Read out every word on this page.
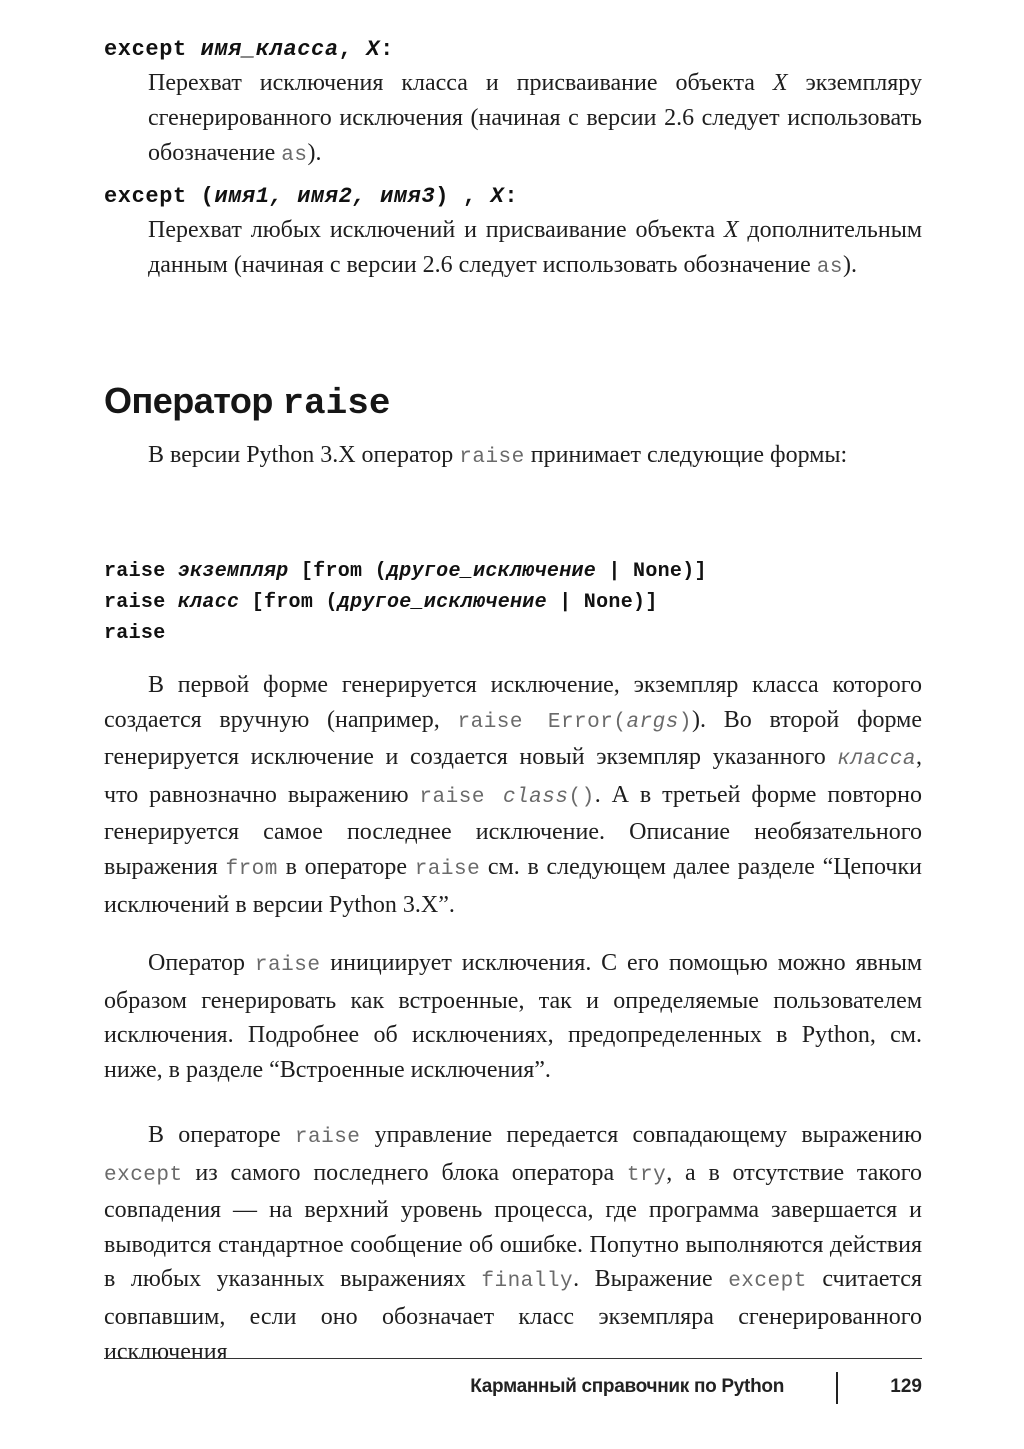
except имя_класса, X:
Перехват исключения класса и присваивание объекта X экземпляру сгенерированного исключения (начиная с версии 2.6 следует использовать обозначение as).
except (имя1, имя2, имя3) , X:
Перехват любых исключений и присваивание объекта X дополнительным данным (начиная с версии 2.6 следует использовать обозначение as).
Оператор raise

В версии Python 3.X оператор raise принимает следующие формы:

raise экземпляр [from (другое_исключение | None)]
raise класс [from (другое_исключение | None)]
raise

В первой форме генерируется исключение, экземпляр класса которого создается вручную (например, raise Error(args)). Во второй форме генерируется исключение и создается новый экземпляр указанного класса, что равнозначно выражению raise class(). А в третьей форме повторно генерируется самое последнее исключение. Описание необязательного выражения from в операторе raise см. в следующем далее разделе “Цепочки исключений в версии Python 3.X”.

Оператор raise инициирует исключения. С его помощью можно явным образом генерировать как встроенные, так и определяемые пользователем исключения. Подробнее об исключениях, предопределенных в Python, см. ниже, в разделе “Встроенные исключения”.

В операторе raise управление передается совпадающему выражению except из самого последнего блока оператора try, а в отсутствие такого совпадения — на верхний уровень процесса, где программа завершается и выводится стандартное сообщение об ошибке. Попутно выполняются действия в любых указанных выражениях finally. Выражение except считается совпавшим, если оно обозначает класс экземпляра сгенерированного исключения

Карманный справочник по Python	129
